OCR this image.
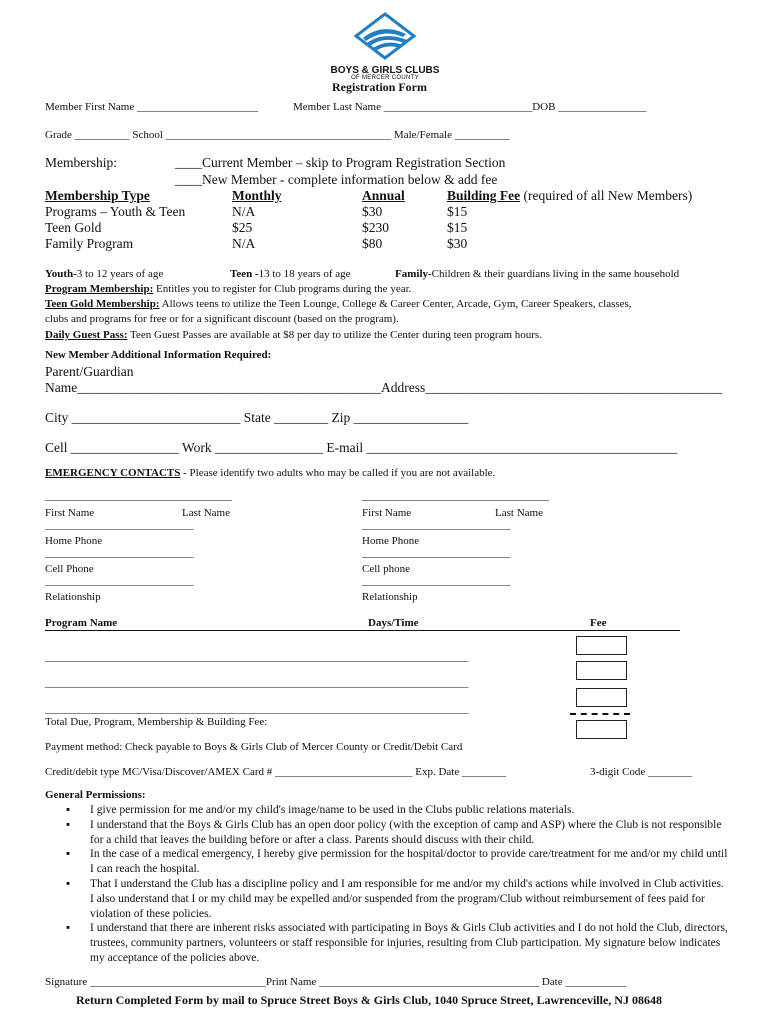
BOYS & GIRLS CLUBS
OF MERCER COUNTY
Registration Form
Member First Name ______________________	Member Last Name ___________________________DOB ________________
Grade __________ School _________________________________________ Male/Female __________
Membership:	____Current Member – skip to Program Registration Section
____New Member - complete information below & add fee
Membership Type	Monthly	Annual	Building Fee (required of all New Members)
Programs – Youth & Teen	N/A	$30	$15
Teen Gold	$25	$230	$15
Family Program	N/A	$80	$30
Youth-3 to 12 years of age	Teen -13 to 18 years of age	Family-Children & their guardians living in the same household
Program Membership: Entitles you to register for Club programs during the year.
Teen Gold Membership: Allows teens to utilize the Teen Lounge, College & Career Center, Arcade, Gym, Career Speakers, classes,
clubs and programs for free or for a significant discount (based on the program).
Daily Guest Pass: Teen Guest Passes are available at $8 per day to utilize the Center during teen program hours.
New Member Additional Information Required:
Parent/Guardian
Name_____________________________________________Address____________________________________________
City _________________________ State ________ Zip _________________
Cell ________________ Work ________________ E-mail ______________________________________________
EMERGENCY CONTACTS - Please identify two adults who may be called if you are not available.
__________________________________	__________________________________
First Name	Last Name	First Name	Last Name
___________________________	___________________________
Home Phone	Home Phone
___________________________	___________________________
Cell Phone	Cell phone
___________________________	___________________________
Relationship	Relationship
Program Name	Days/Time	Fee
_____________________________________________________________________________
_____________________________________________________________________________
_____________________________________________________________________________
Total Due, Program, Membership & Building Fee:
Payment method: Check payable to Boys & Girls Club of Mercer County or Credit/Debit Card
Credit/debit type MC/Visa/Discover/AMEX Card # _________________________ Exp. Date ________	3-digit Code ________
General Permissions:
▪ I give permission for me and/or my child's image/name to be used in the Clubs public relations materials.
▪ I understand that the Boys & Girls Club has an open door policy (with the exception of camp and ASP) where the Club is not responsible for a child that leaves the building before or after a class. Parents should discuss with their child.
▪ In the case of a medical emergency, I hereby give permission for the hospital/doctor to provide care/treatment for me and/or my child until I can reach the hospital.
▪ That I understand the Club has a discipline policy and I am responsible for me and/or my child's actions while involved in Club activities. I also understand that I or my child may be expelled and/or suspended from the program/Club without reimbursement of fees paid for violation of these policies.
▪ I understand that there are inherent risks associated with participating in Boys & Girls Club activities and I do not hold the Club, directors, trustees, community partners, volunteers or staff responsible for injuries, resulting from Club participation. My signature below indicates my acceptance of the policies above.
Signature ________________________________Print Name ________________________________________ Date ___________
Return Completed Form by mail to Spruce Street Boys & Girls Club, 1040 Spruce Street, Lawrenceville, NJ 08648
